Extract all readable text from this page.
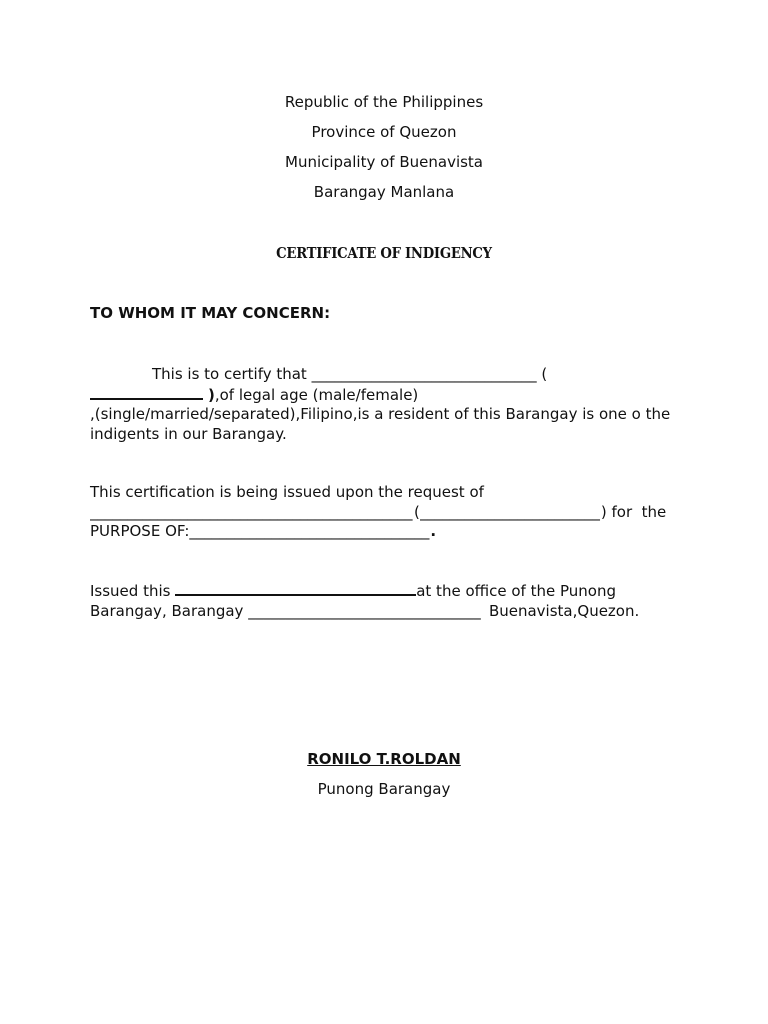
Republic of the Philippines
Province of Quezon
Municipality of Buenavista
Barangay Manlana
CERTIFICATE OF INDIGENCY
TO WHOM IT MAY CONCERN:
This is to certify that ______________________________ (
),of legal age (male/female)
,(single/married/separated),Filipino,is a resident of this Barangay is one o the
indigents in our Barangay.
This certification is being issued upon the request of
___________________________________________ (________________________) for  the
PURPOSE OF:________________________________.
Issued this	at the office of the Punong
Barangay, Barangay _______________________________ Buenavista,Quezon.
RONILO T.ROLDAN
Punong Barangay
